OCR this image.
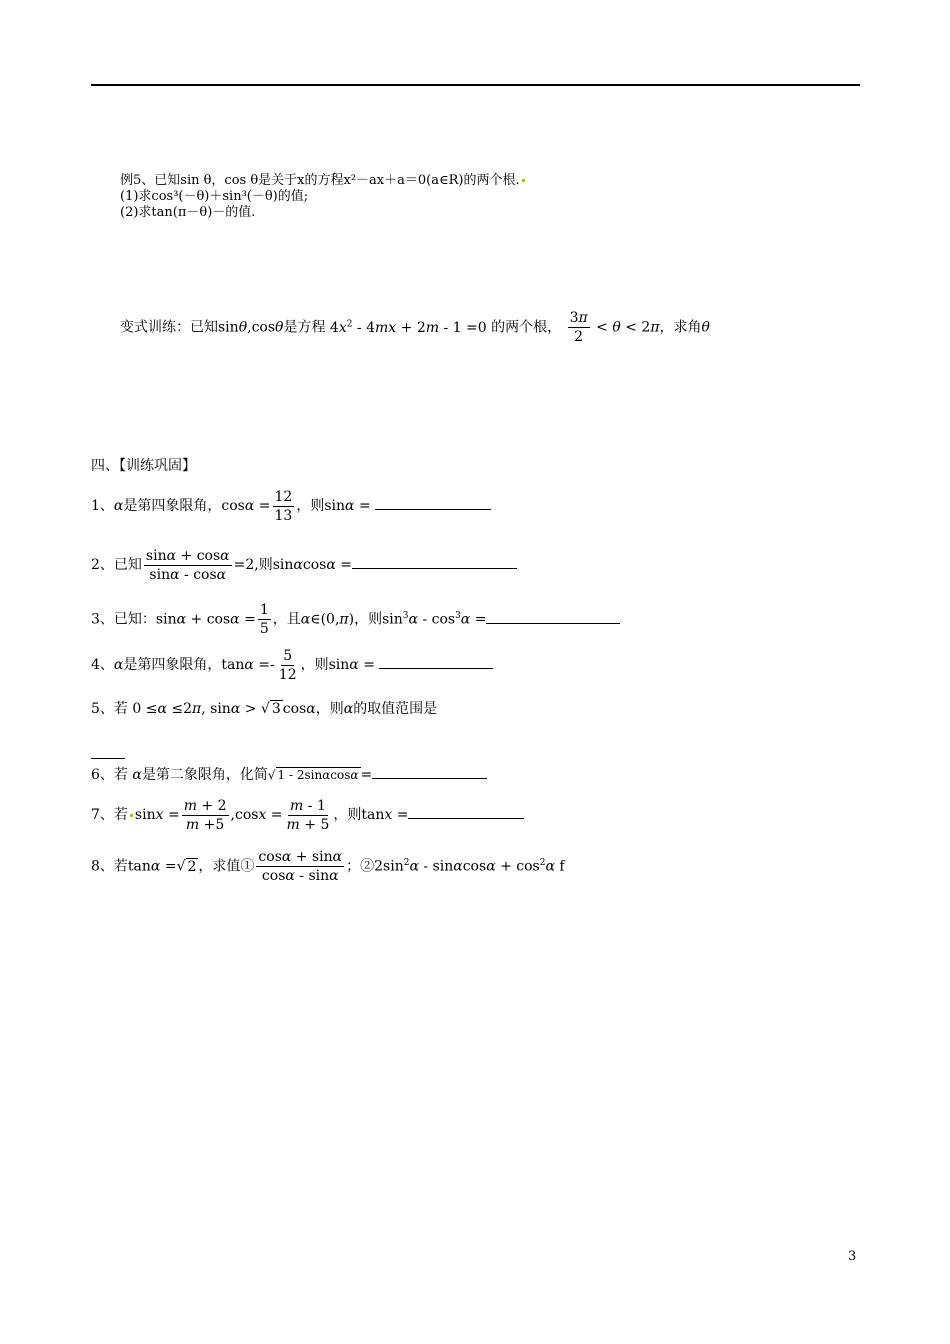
例5、已知sin θ，cos θ是关于x的方程x²－ax＋a＝0(a∈R)的两个根.
(1)求cos³(－θ)＋sin³(－θ)的值;
(2)求tan(π－θ)－的值.
变式训练：已知sinθ,cosθ是方程 $4x^2 - 4mx + 2m - 1 =0$ 的两个根， $\frac{3\pi}{2} < \theta < 2\pi$，求角θ
四、【训练巩固】
1、α是第四象限角，$\cos\alpha = \frac{12}{13}$ ，则sinα =
2、已知 $\frac{\sin\alpha + \cos\alpha}{\sin\alpha - \cos\alpha} =2$,则sinαcosα =
3、已知：$\sin\alpha + \cos\alpha = \frac{1}{5}$ ，且α∈(0,π)，则$\sin^3\alpha - \cos^3\alpha$ =
4、α是第四象限角，$\tan\alpha =- \frac{5}{12}$ ，则sinα =
5、若 0 ≤α ≤2π, sinα > √ 3 cosα，则α的取值范围是
6、若 α是第二象限角，化简√ 1 - 2sinαcosα =
7、若 $\sin x = \frac{m + 2}{m +5} ,\cos x = \frac{m - 1}{m + 5}$ ，则tanx =
8、若tanα =√ 2 ，求值① $\frac{\cos\alpha + \sin\alpha}{\cos\alpha - \sin\alpha}$ ；$②2\sin^2\alpha - \sin\alpha\cos\alpha + \cos^2\alpha$ f
3
